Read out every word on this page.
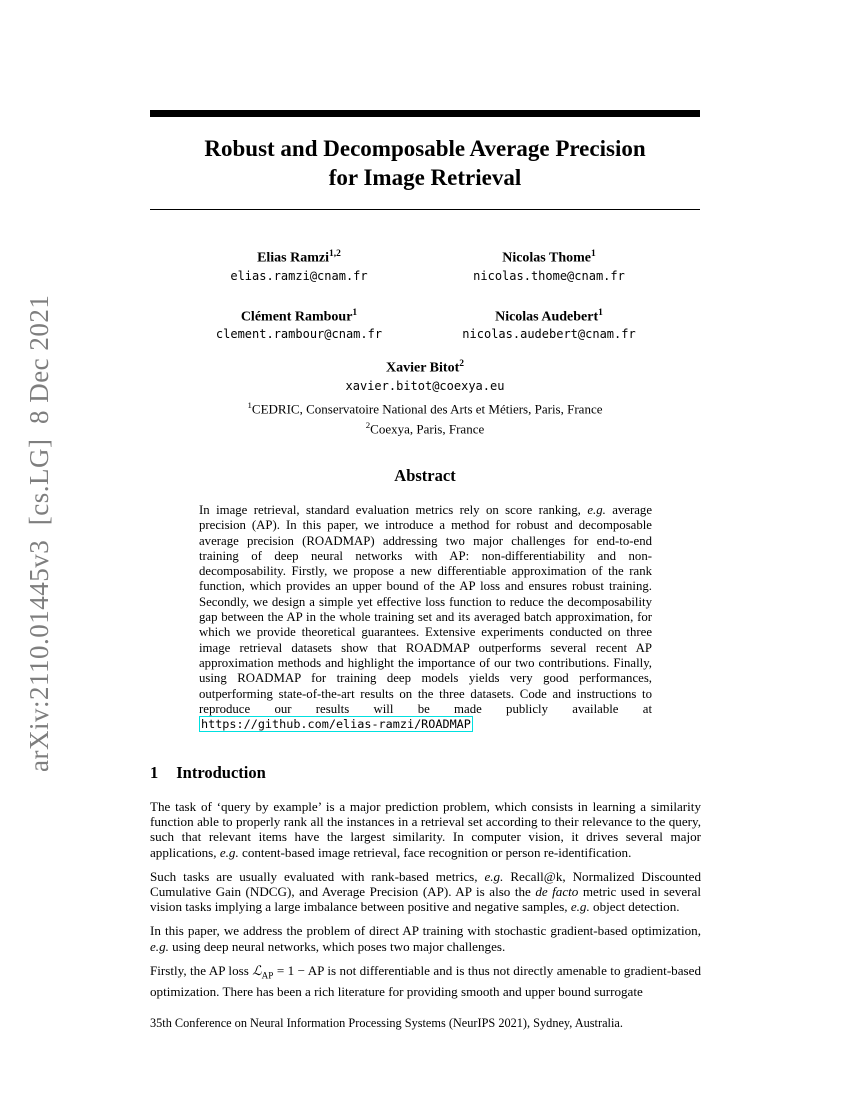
arXiv:2110.01445v3  [cs.LG]  8 Dec 2021
Robust and Decomposable Average Precision
for Image Retrieval
Elias Ramzi$^{1,2}$
elias.ramzi@cnam.fr
Nicolas Thome$^1$
nicolas.thome@cnam.fr
Clément Rambour$^1$
clement.rambour@cnam.fr
Nicolas Audebert$^1$
nicolas.audebert@cnam.fr
Xavier Bitot$^2$
xavier.bitot@coexya.eu
$^1$CEDRIC, Conservatoire National des Arts et Métiers, Paris, France
$^2$Coexya, Paris, France
Abstract
In image retrieval, standard evaluation metrics rely on score ranking, e.g. average precision (AP). In this paper, we introduce a method for robust and decomposable average precision (ROADMAP) addressing two major challenges for end-to-end training of deep neural networks with AP: non-differentiability and non-decomposability. Firstly, we propose a new differentiable approximation of the rank function, which provides an upper bound of the AP loss and ensures robust training. Secondly, we design a simple yet effective loss function to reduce the decomposability gap between the AP in the whole training set and its averaged batch approximation, for which we provide theoretical guarantees. Extensive experiments conducted on three image retrieval datasets show that ROADMAP outperforms several recent AP approximation methods and highlight the importance of our two contributions. Finally, using ROADMAP for training deep models yields very good performances, outperforming state-of-the-art results on the three datasets. Code and instructions to reproduce our results will be made publicly available at https://github.com/elias-ramzi/ROADMAP
1 Introduction

The task of ‘query by example’ is a major prediction problem, which consists in learning a similarity function able to properly rank all the instances in a retrieval set according to their relevance to the query, such that relevant items have the largest similarity. In computer vision, it drives several major applications, e.g. content-based image retrieval, face recognition or person re-identification.

Such tasks are usually evaluated with rank-based metrics, e.g. Recall@k, Normalized Discounted Cumulative Gain (NDCG), and Average Precision (AP). AP is also the de facto metric used in several vision tasks implying a large imbalance between positive and negative samples, e.g. object detection.

In this paper, we address the problem of direct AP training with stochastic gradient-based optimization, e.g. using deep neural networks, which poses two major challenges.

Firstly, the AP loss ℒ$_{AP}$ = 1 − AP is not differentiable and is thus not directly amenable to gradient-based optimization. There has been a rich literature for providing smooth and upper bound surrogate

35th Conference on Neural Information Processing Systems (NeurIPS 2021), Sydney, Australia.
